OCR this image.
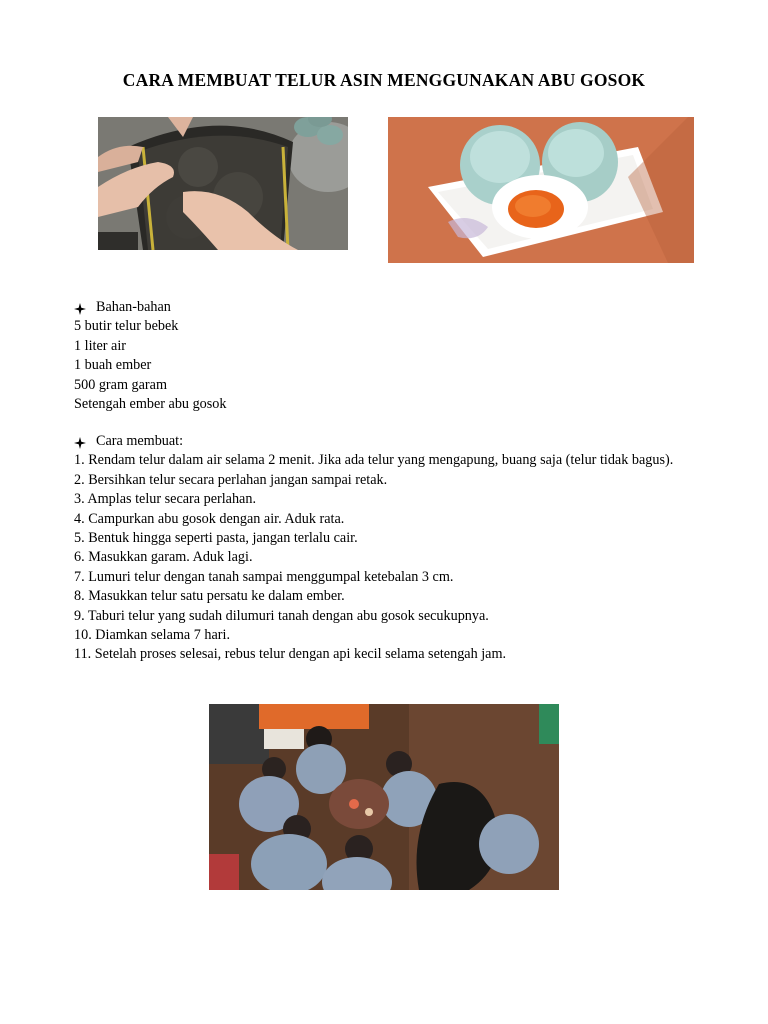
CARA MEMBUAT TELUR ASIN MENGGUNAKAN ABU GOSOK
Bahan-bahan
5 butir telur bebek
1 liter air
1 buah ember
500 gram garam
Setengah ember abu gosok
Cara membuat:
1. Rendam telur dalam air selama 2 menit. Jika ada telur yang mengapung, buang saja (telur tidak bagus).
2. Bersihkan telur secara perlahan jangan sampai retak.
3. Amplas telur secara perlahan.
4. Campurkan abu gosok dengan air. Aduk rata.
5. Bentuk hingga seperti pasta, jangan terlalu cair.
6. Masukkan garam. Aduk lagi.
7. Lumuri telur dengan tanah sampai menggumpal ketebalan 3 cm.
8. Masukkan telur satu persatu ke dalam ember.
9. Taburi telur yang sudah dilumuri tanah dengan abu gosok secukupnya.
10. Diamkan selama 7 hari.
11. Setelah proses selesai, rebus telur dengan api kecil selama setengah jam.
